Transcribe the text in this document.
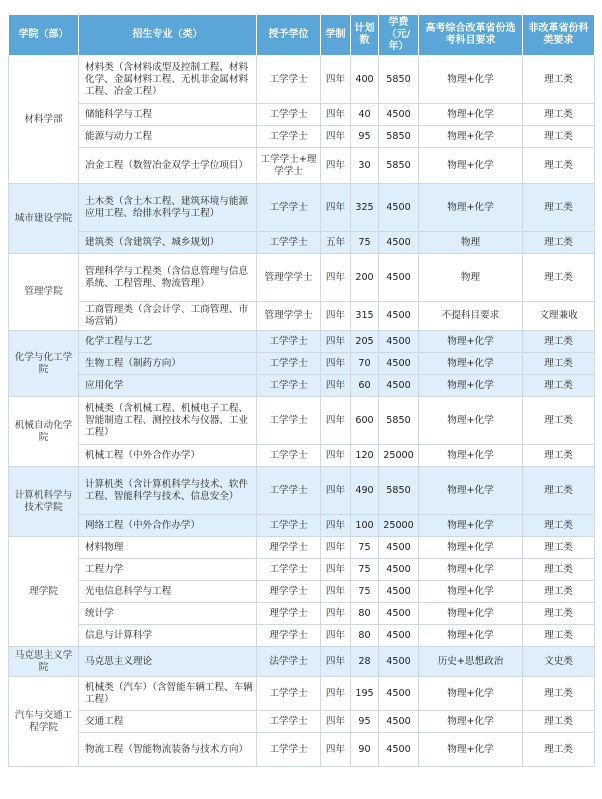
学院（部）	招生专业（类）	授予学位	学制	计划数	学费（元/年）	高考综合改革省份选考科目要求	非改革省份科类要求
材料学部	材料类（含材料成型及控制工程、材料化学、金属材料工程、无机非金属材料工程、冶金工程）	工学学士	四年	400	5850	物理+化学	理工类
	储能科学与工程	工学学士	四年	40	4500	物理+化学	理工类
	能源与动力工程	工学学士	四年	95	5850	物理+化学	理工类
	冶金工程（数智冶金双学士学位项目）	工学学士+理学学士	四年	30	5850	物理+化学	理工类
城市建设学院	土木类（含土木工程、建筑环境与能源应用工程、给排水科学与工程）	工学学士	四年	325	4500	物理+化学	理工类
	建筑类（含建筑学、城乡规划）	工学学士	五年	75	4500	物理	理工类
管理学院	管理科学与工程类（含信息管理与信息系统、工程管理、物流管理）	管理学学士	四年	200	4500	物理	理工类
	工商管理类（含会计学、工商管理、市场营销）	管理学学士	四年	315	4500	不提科目要求	文理兼收
化学与化工学院	化学工程与工艺	工学学士	四年	205	4500	物理+化学	理工类
	生物工程（制药方向）	工学学士	四年	70	4500	物理+化学	理工类
	应用化学	工学学士	四年	60	4500	物理+化学	理工类
机械自动化学院	机械类（含机械工程、机械电子工程、智能制造工程、测控技术与仪器、工业工程）	工学学士	四年	600	5850	物理+化学	理工类
	机械工程（中外合作办学）	工学学士	四年	120	25000	物理+化学	理工类
计算机科学与技术学院	计算机类（含计算机科学与技术、软件工程、智能科学与技术、信息安全）	工学学士	四年	490	5850	物理+化学	理工类
	网络工程（中外合作办学）	工学学士	四年	100	25000	物理+化学	理工类
理学院	材料物理	理学学士	四年	75	4500	物理+化学	理工类
	工程力学	工学学士	四年	75	4500	物理+化学	理工类
	光电信息科学与工程	理学学士	四年	75	4500	物理+化学	理工类
	统计学	理学学士	四年	80	4500	物理+化学	理工类
	信息与计算科学	理学学士	四年	80	4500	物理+化学	理工类
马克思主义学院	马克思主义理论	法学学士	四年	28	4500	历史+思想政治	文史类
汽车与交通工程学院	机械类（汽车）（含智能车辆工程、车辆工程）	工学学士	四年	195	4500	物理+化学	理工类
	交通工程	工学学士	四年	95	4500	物理+化学	理工类
	物流工程（智能物流装备与技术方向）	工学学士	四年	90	4500	物理+化学	理工类
